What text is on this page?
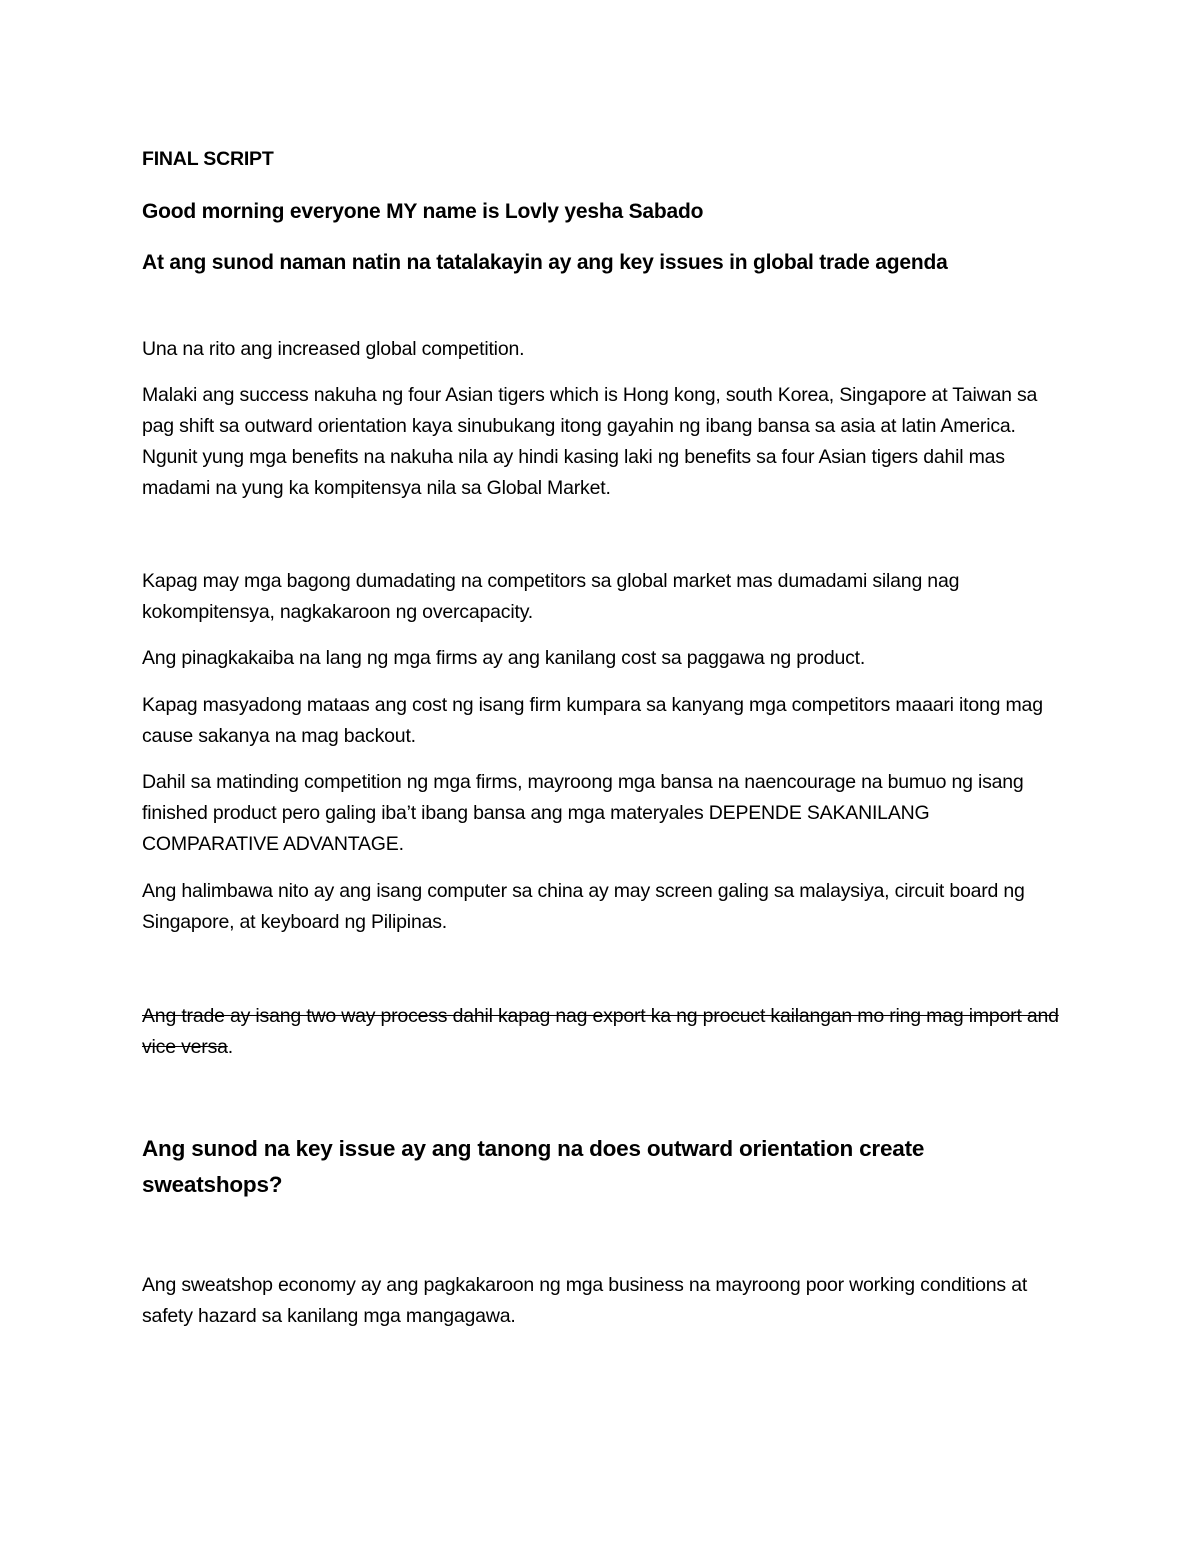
FINAL SCRIPT

Good morning everyone MY name is Lovly yesha Sabado

At ang sunod naman natin na tatalakayin ay ang key issues in global trade agenda

Una na rito ang increased global competition.

Malaki ang success nakuha ng four Asian tigers which is Hong kong, south Korea, Singapore at Taiwan sa pag shift sa outward orientation kaya sinubukang itong gayahin ng ibang bansa sa asia at latin America. Ngunit yung mga benefits na nakuha nila ay hindi kasing laki ng benefits sa four Asian tigers dahil mas madami na yung ka kompitensya nila sa Global Market.

Kapag may mga bagong dumadating na competitors sa global market mas dumadami silang nag kokompitensya, nagkakaroon ng overcapacity.

Ang pinagkakaiba na lang ng mga firms ay ang kanilang cost sa paggawa ng product.

Kapag masyadong mataas ang cost ng isang firm kumpara sa kanyang mga competitors maaari itong mag cause sakanya na mag backout.

Dahil sa matinding competition ng mga firms, mayroong mga bansa na naencourage na bumuo ng isang finished product pero galing iba’t ibang bansa ang mga materyales DEPENDE SAKANILANG COMPARATIVE ADVANTAGE.

Ang halimbawa nito ay ang isang computer sa china ay may screen galing sa malaysiya, circuit board ng Singapore, at keyboard ng Pilipinas.

Ang trade ay isang two way process dahil kapag nag export ka ng procuct kailangan mo ring mag import and vice versa.

Ang sunod na key issue ay ang tanong na does outward orientation create sweatshops?

Ang sweatshop economy ay ang pagkakaroon ng mga business na mayroong poor working conditions at safety hazard sa kanilang mga mangagawa.
